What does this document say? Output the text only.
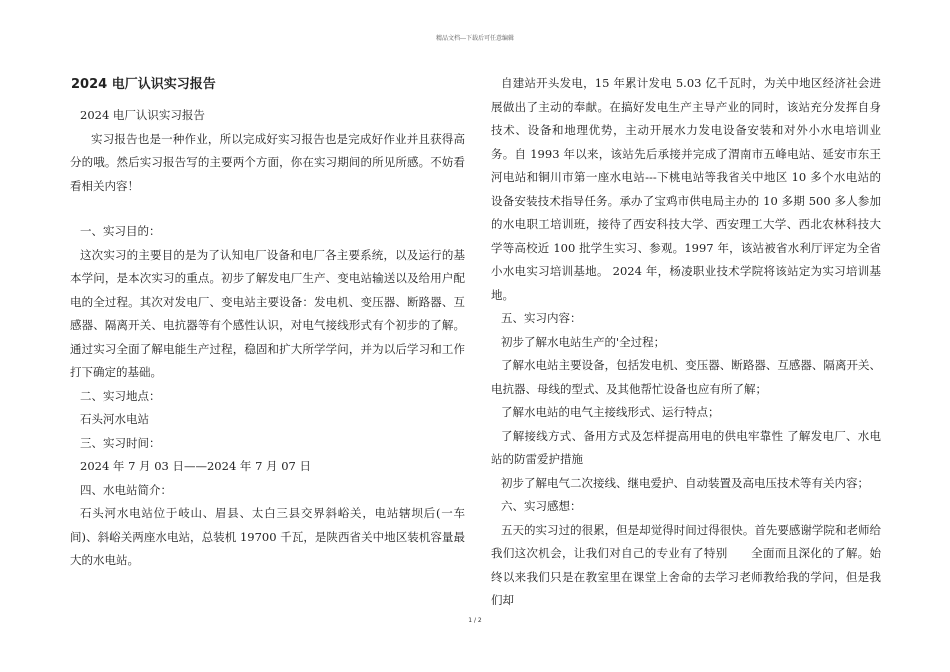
精品文档---下载后可任意编辑
2024 电厂认识实习报告

2024 电厂认识实习报告

实习报告也是一种作业，所以完成好实习报告也是完成好作业并且获得高分的哦。然后实习报告写的主要两个方面，你在实习期间的所见所感。不妨看看相关内容！

一、实习目的：

这次实习的主要目的是为了认知电厂设备和电厂各主要系统，以及运行的基本学问，是本次实习的重点。初步了解发电厂生产、变电站输送以及给用户配电的全过程。其次对发电厂、变电站主要设备：发电机、变压器、断路器、互感器、隔离开关、电抗器等有个感性认识，对电气接线形式有个初步的了解。通过实习全面了解电能生产过程，稳固和扩大所学学问，并为以后学习和工作打下确定的基础。

二、实习地点：

石头河水电站

三、实习时间：

2024 年 7 月 03 日——2024 年 7 月 07 日

四、水电站简介：

石头河水电站位于岐山、眉县、太白三县交界斜峪关，电站辖坝后(一车间)、斜峪关两座水电站，总装机 19700 千瓦，是陕西省关中地区装机容量最大的水电站。

自建站开头发电，15 年累计发电 5.03 亿千瓦时，为关中地区经济社会进展做出了主动的奉献。在搞好发电生产主导产业的同时，该站充分发挥自身技术、设备和地理优势，主动开展水力发电设备安装和对外小水电培训业务。自 1993 年以来，该站先后承接并完成了渭南市五峰电站、延安市东王河电站和铜川市第一座水电站---下桃电站等我省关中地区 10 多个水电站的设备安装技术指导任务。承办了宝鸡市供电局主办的 10 多期 500 多人参加的水电职工培训班，接待了西安科技大学、西安理工大学、西北农林科技大学等高校近 100 批学生实习、参观。1997 年，该站被省水利厅评定为全省小水电实习培训基地。 2024 年，杨凌职业技术学院将该站定为实习培训基地。

五、实习内容：

初步了解水电站生产的'全过程；

了解水电站主要设备，包括发电机、变压器、断路器、互感器、隔离开关、电抗器、母线的型式、及其他帮忙设备也应有所了解；

了解水电站的电气主接线形式、运行特点；

了解接线方式、备用方式及怎样提高用电的供电牢靠性 了解发电厂、水电站的防雷爱护措施

初步了解电气二次接线、继电爱护、自动装置及高电压技术等有关内容；

六、实习感想：

五天的实习过的很累，但是却觉得时间过得很快。首先要感谢学院和老师给我们这次机会，让我们对自己的专业有了特别　　全面而且深化的了解。始终以来我们只是在教室里在课堂上舍命的去学习老师教给我的学问，但是我们却

1 / 2
